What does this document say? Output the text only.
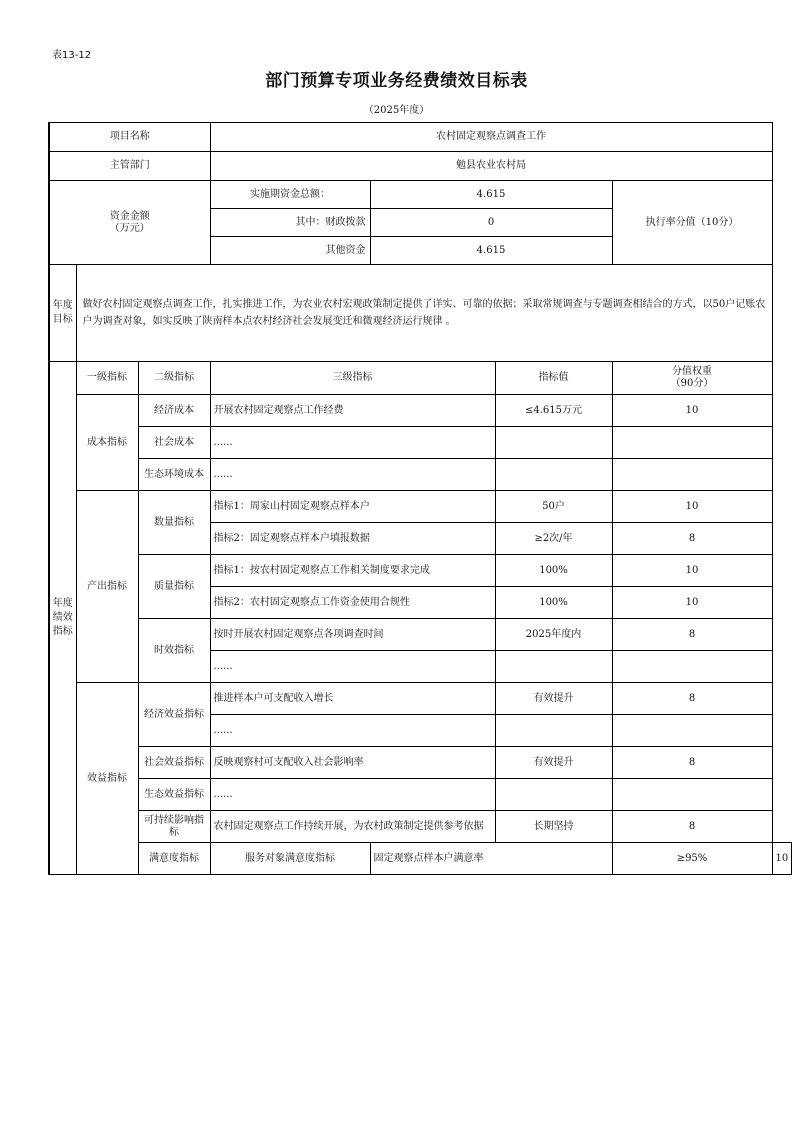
表13-12
部门预算专项业务经费绩效目标表
（2025年度）
项目名称			农村固定观察点调查工作				
主管部门			勉县农业农村局				
资金金额
（万元）			实施期资金总额：	4.615		执行率分值（10分）	
			其中：财政拨款	0			
			其他资金	4.615			
年度目标	做好农村固定观察点调查工作，扎实推进工作，为农业农村宏观政策制定提供了详实、可靠的依据；采取常规调查与专题调查相结合的方式，以50户记账农户为调查对象，如实反映了陕南样本点农村经济社会发展变迁和微观经济运行规律 。						
年度绩效指标	一级指标	二级指标	三级指标		指标值	分值权重
（90分）	
	成本指标	经济成本	开展农村固定观察点工作经费		≤4.615万元	10	
		社会成本	......				
		生态环境成本	......				
	产出指标	数量指标	指标1：周家山村固定观察点样本户		50户	10	
			指标2：固定观察点样本户填报数据		≥2次/年	8	
		质量指标	指标1：按农村固定观察点工作相关制度要求完成		100%	10	
			指标2：农村固定观察点工作资金使用合规性		100%	10	
		时效指标	按时开展农村固定观察点各项调查时间		2025年度内	8	
			......				
	效益指标	经济效益指标	推进样本户可支配收入增长		有效提升	8	
			......				
		社会效益指标	反映观察村可支配收入社会影响率		有效提升	8	
		生态效益指标	......				
		可持续影响指标	农村固定观察点工作持续开展，为农村政策制定提供参考依据		长期坚持	8	
		满意度指标	服务对象满意度指标	固定观察点样本户满意率		≥95%	10
